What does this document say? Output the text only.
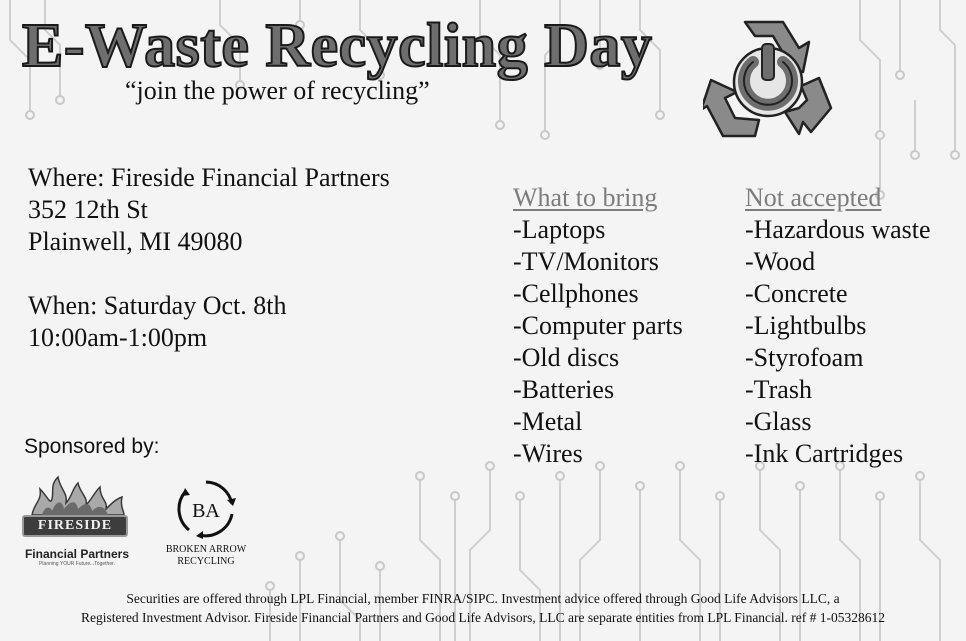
E-Waste Recycling Day
“join the power of recycling”
Where: Fireside Financial Partners
352 12th St
Plainwell, MI 49080
When: Saturday Oct. 8th
10:00am-1:00pm
What to bring
-Laptops
-TV/Monitors
-Cellphones
-Computer parts
-Old discs
-Batteries
-Metal
-Wires
Not accepted
-Hazardous waste
-Wood
-Concrete
-Lightbulbs
-Styrofoam
-Trash
-Glass
-Ink Cartridges
Sponsored by:
FIRESIDE
Financial Partners
Planning YOUR Future...Together.
BA
BROKEN ARROW
RECYCLING
Securities are offered through LPL Financial, member FINRA/SIPC. Investment advice offered through Good Life Advisors LLC, a
Registered Investment Advisor. Fireside Financial Partners and Good Life Advisors, LLC are separate entities from LPL Financial. ref # 1-05328612
